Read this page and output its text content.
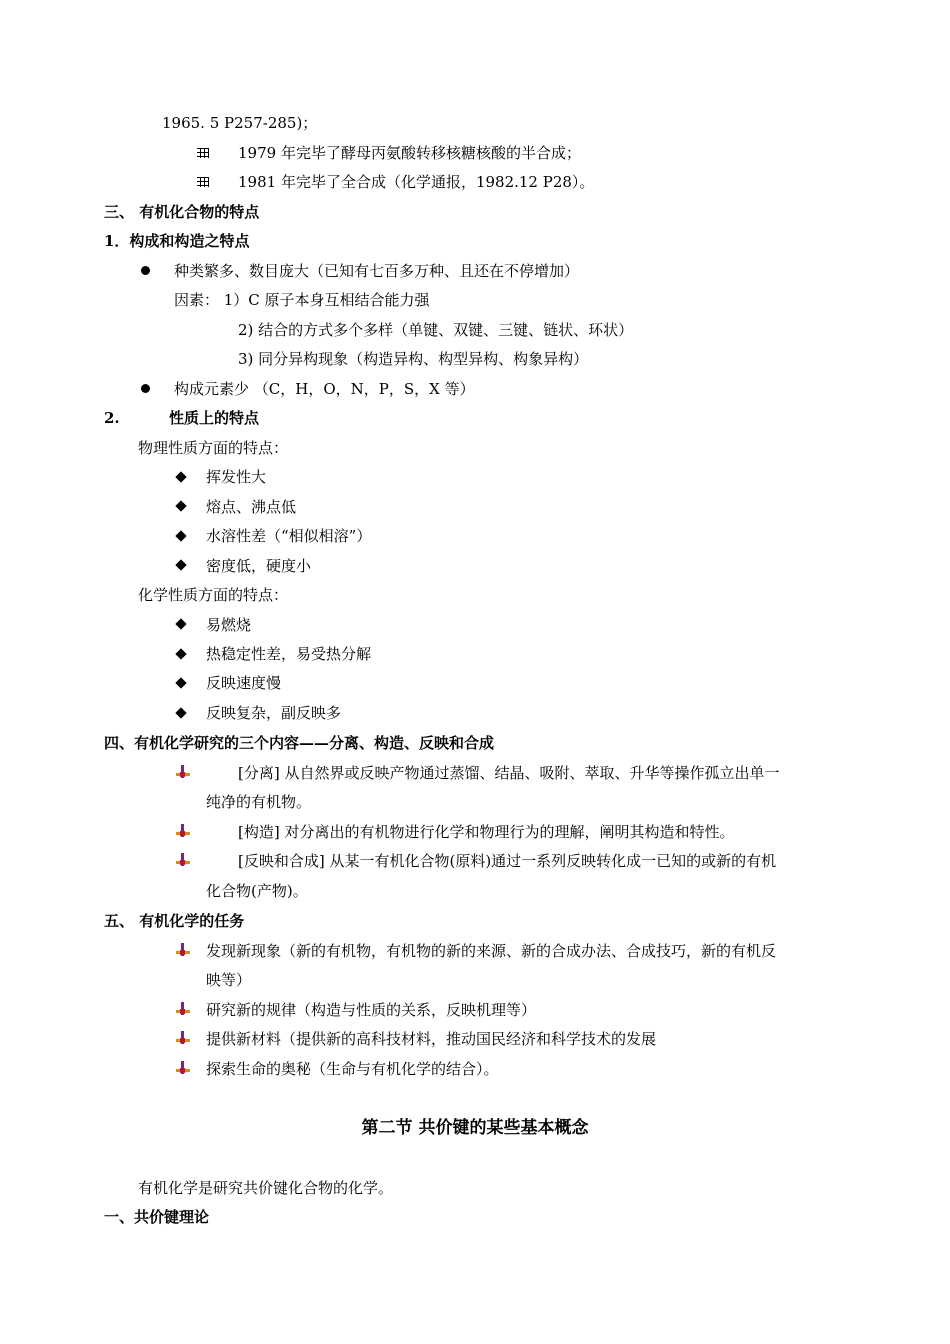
1965. 5 P257-285)；
1979 年完毕了酵母丙氨酸转移核糖核酸的半合成；
1981 年完毕了全合成（化学通报，1982.12 P28）。
三、 有机化合物的特点
1．构成和构造之特点
种类繁多、数目庞大（已知有七百多万种、且还在不停增加）
因素： 1）C 原子本身互相结合能力强
2) 结合的方式多个多样（单键、双键、三键、链状、环状）
3) 同分异构现象（构造异构、构型异构、构象异构）
构成元素少 （C，H，O，N，P，S，X 等）
2.	性质上的特点
物理性质方面的特点：
挥发性大
熔点、沸点低
水溶性差（“相似相溶”）
密度低，硬度小
化学性质方面的特点：
易燃烧
热稳定性差，易受热分解
反映速度慢
反映复杂，副反映多
四、有机化学研究的三个内容——分离、构造、反映和合成
[分离] 从自然界或反映产物通过蒸馏、结晶、吸附、萃取、升华等操作孤立出单一
纯净的有机物。
[构造] 对分离出的有机物进行化学和物理行为的理解，阐明其构造和特性。
[反映和合成] 从某一有机化合物(原料)通过一系列反映转化成一已知的或新的有机
化合物(产物)。
五、 有机化学的任务
发现新现象（新的有机物，有机物的新的来源、新的合成办法、合成技巧，新的有机反
映等）
研究新的规律（构造与性质的关系，反映机理等）
提供新材料（提供新的高科技材料，推动国民经济和科学技术的发展
探索生命的奥秘（生命与有机化学的结合）。
第二节 共价键的某些基本概念
有机化学是研究共价键化合物的化学。
一、共价键理论
